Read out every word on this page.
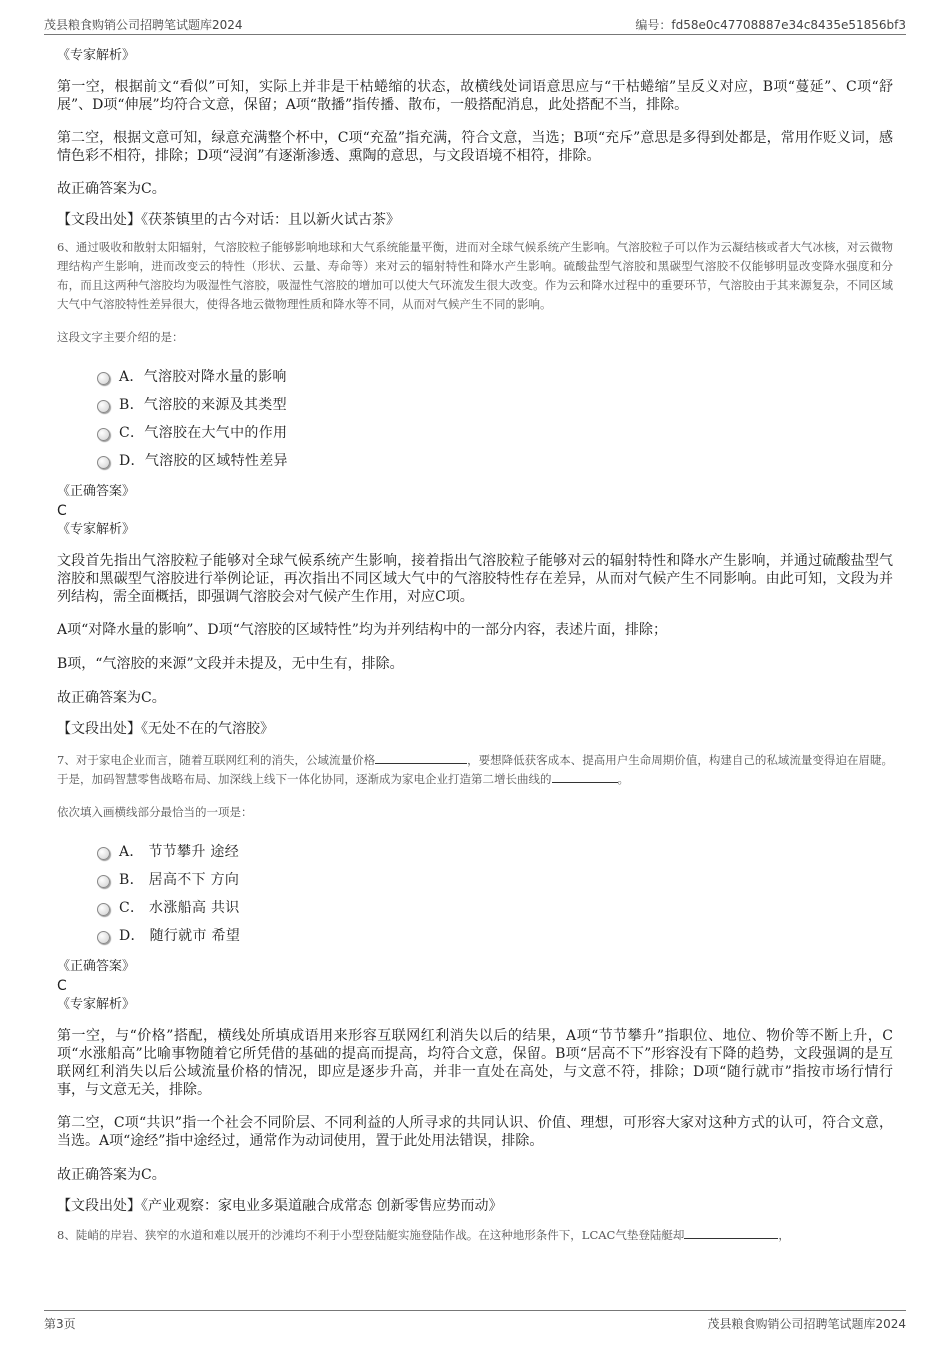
茂县粮食购销公司招聘笔试题库2024	编号：fd58e0c47708887e34c8435e51856bf3

《专家解析》

第一空，根据前文“看似”可知，实际上并非是干枯蜷缩的状态，故横线处词语意思应与“干枯蜷缩”呈反义对应，B项“蔓延”、C项“舒展”、D项“伸展”均符合文意，保留；A项“散播”指传播、散布，一般搭配消息，此处搭配不当，排除。

第二空，根据文意可知，绿意充满整个杯中，C项“充盈”指充满，符合文意，当选；B项“充斥”意思是多得到处都是，常用作贬义词，感情色彩不相符，排除；D项“浸润”有逐渐渗透、熏陶的意思，与文段语境不相符，排除。

故正确答案为C。

【文段出处】《茯茶镇里的古今对话：且以新火试古茶》

6、通过吸收和散射太阳辐射，气溶胶粒子能够影响地球和大气系统能量平衡，进而对全球气候系统产生影响。气溶胶粒子可以作为云凝结核或者大气冰核，对云微物理结构产生影响，进而改变云的特性（形状、云量、寿命等）来对云的辐射特性和降水产生影响。硫酸盐型气溶胶和黑碳型气溶胶不仅能够明显改变降水强度和分布，而且这两种气溶胶均为吸湿性气溶胶，吸湿性气溶胶的增加可以使大气环流发生很大改变。作为云和降水过程中的重要环节，气溶胶由于其来源复杂，不同区域大气中气溶胶特性差异很大，使得各地云微物理性质和降水等不同，从而对气候产生不同的影响。

这段文字主要介绍的是：

A．气溶胶对降水量的影响
B．气溶胶的来源及其类型
C．气溶胶在大气中的作用
D．气溶胶的区域特性差异

《正确答案》

C

《专家解析》

文段首先指出气溶胶粒子能够对全球气候系统产生影响，接着指出气溶胶粒子能够对云的辐射特性和降水产生影响，并通过硫酸盐型气溶胶和黑碳型气溶胶进行举例论证，再次指出不同区域大气中的气溶胶特性存在差异，从而对气候产生不同影响。由此可知，文段为并列结构，需全面概括，即强调气溶胶会对气候产生作用，对应C项。

A项“对降水量的影响”、D项“气溶胶的区域特性”均为并列结构中的一部分内容，表述片面，排除；

B项，“气溶胶的来源”文段并未提及，无中生有，排除。

故正确答案为C。

【文段出处】《无处不在的气溶胶》

7、对于家电企业而言，随着互联网红利的消失，公域流量价格	，要想降低获客成本、提高用户生命周期价值，构建自己的私域流量变得迫在眉睫。于是，加码智慧零售战略布局、加深线上线下一体化协同，逐渐成为家电企业打造第二增长曲线的	。

依次填入画横线部分最恰当的一项是：

A． 节节攀升 途经
B． 居高不下 方向
C． 水涨船高 共识
D． 随行就市 希望

《正确答案》

C

《专家解析》

第一空，与“价格”搭配，横线处所填成语用来形容互联网红利消失以后的结果，A项“节节攀升”指职位、地位、物价等不断上升，C项“水涨船高”比喻事物随着它所凭借的基础的提高而提高，均符合文意，保留。B项“居高不下”形容没有下降的趋势，文段强调的是互联网红利消失以后公域流量价格的情况，即应是逐步升高，并非一直处在高处，与文意不符，排除；D项“随行就市”指按市场行情行事，与文意无关，排除。

第二空，C项“共识”指一个社会不同阶层、不同利益的人所寻求的共同认识、价值、理想，可形容大家对这种方式的认可，符合文意，当选。A项“途经”指中途经过，通常作为动词使用，置于此处用法错误，排除。

故正确答案为C。

【文段出处】《产业观察：家电业多渠道融合成常态 创新零售应势而动》

8、陡峭的岸岩、狭窄的水道和难以展开的沙滩均不利于小型登陆艇实施登陆作战。在这种地形条件下，LCAC气垫登陆艇却	，

第3页	茂县粮食购销公司招聘笔试题库2024
